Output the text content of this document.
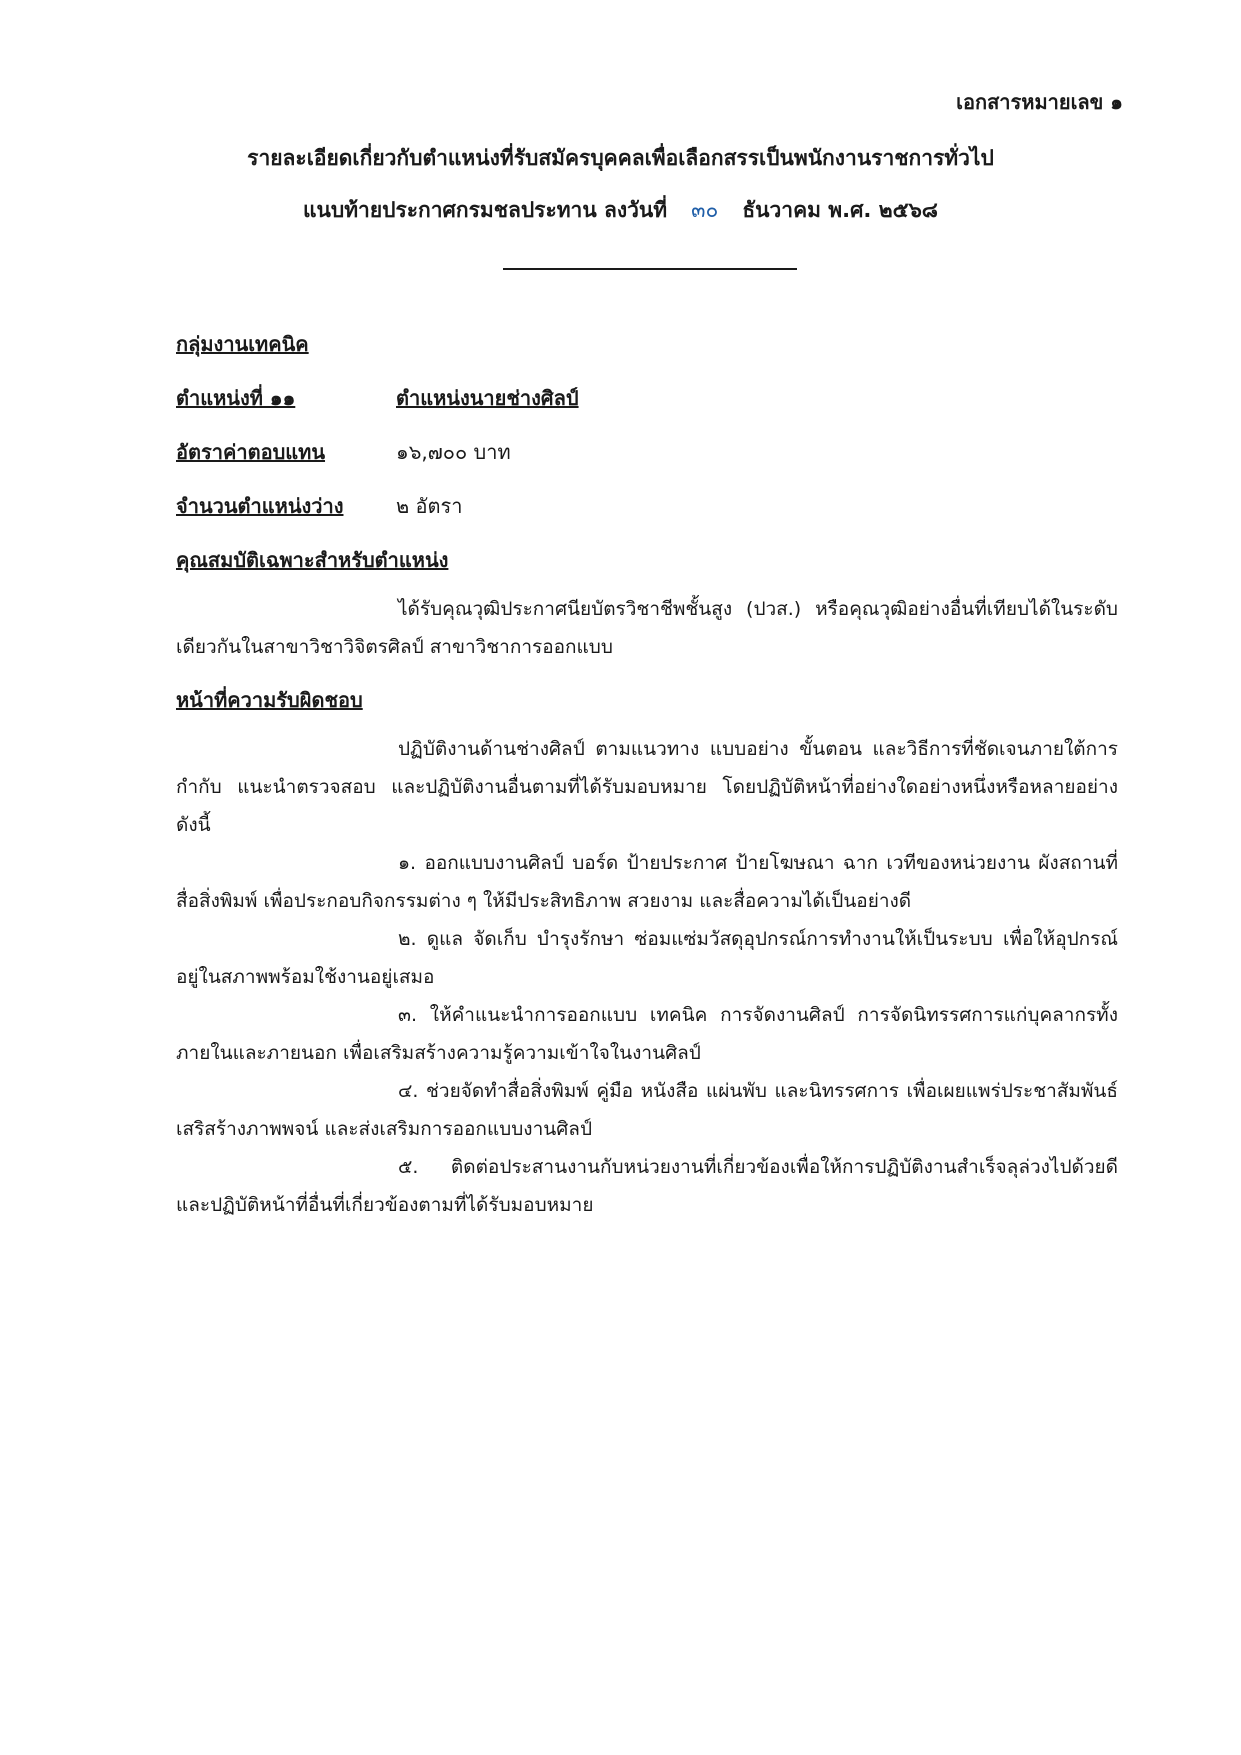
เอกสารหมายเลข ๑
รายละเอียดเกี่ยวกับตำแหน่งที่รับสมัครบุคคลเพื่อเลือกสรรเป็นพนักงานราชการทั่วไป
แนบท้ายประกาศกรมชลประทาน ลงวันที่ ๓๐ ธันวาคม พ.ศ. ๒๕๖๘
กลุ่มงานเทคนิค
ตำแหน่งที่ ๑๑	ตำแหน่งนายช่างศิลป์
อัตราค่าตอบแทน	๑๖,๗๐๐ บาท
จำนวนตำแหน่งว่าง	๒ อัตรา
คุณสมบัติเฉพาะสำหรับตำแหน่ง

ได้รับคุณวุฒิประกาศนียบัตรวิชาชีพชั้นสูง (ปวส.) หรือคุณวุฒิอย่างอื่นที่เทียบได้ในระดับเดียวกันในสาขาวิชาวิจิตรศิลป์ สาขาวิชาการออกแบบ

หน้าที่ความรับผิดชอบ

ปฏิบัติงานด้านช่างศิลป์ ตามแนวทาง แบบอย่าง ขั้นตอน และวิธีการที่ชัดเจนภายใต้การกำกับ แนะนำตรวจสอบ และปฏิบัติงานอื่นตามที่ได้รับมอบหมาย โดยปฏิบัติหน้าที่อย่างใดอย่างหนึ่งหรือหลายอย่าง ดังนี้

๑. ออกแบบงานศิลป์ บอร์ด ป้ายประกาศ ป้ายโฆษณา ฉาก เวทีของหน่วยงาน ผังสถานที่ สื่อสิ่งพิมพ์ เพื่อประกอบกิจกรรมต่าง ๆ ให้มีประสิทธิภาพ สวยงาม และสื่อความได้เป็นอย่างดี

๒. ดูแล จัดเก็บ บำรุงรักษา ซ่อมแซ่มวัสดุอุปกรณ์การทำงานให้เป็นระบบ เพื่อให้อุปกรณ์อยู่ในสภาพพร้อมใช้งานอยู่เสมอ

๓. ให้คำแนะนำการออกแบบ เทคนิค การจัดงานศิลป์ การจัดนิทรรศการแก่บุคลากรทั้งภายในและภายนอก เพื่อเสริมสร้างความรู้ความเข้าใจในงานศิลป์

๔. ช่วยจัดทำสื่อสิ่งพิมพ์ คู่มือ หนังสือ แผ่นพับ และนิทรรศการ เพื่อเผยแพร่ประชาสัมพันธ์เสริสร้างภาพพจน์ และส่งเสริมการออกแบบงานศิลป์

๕. ติดต่อประสานงานกับหน่วยงานที่เกี่ยวข้องเพื่อให้การปฏิบัติงานสำเร็จลุล่วงไปด้วยดี และปฏิบัติหน้าที่อื่นที่เกี่ยวข้องตามที่ได้รับมอบหมาย
